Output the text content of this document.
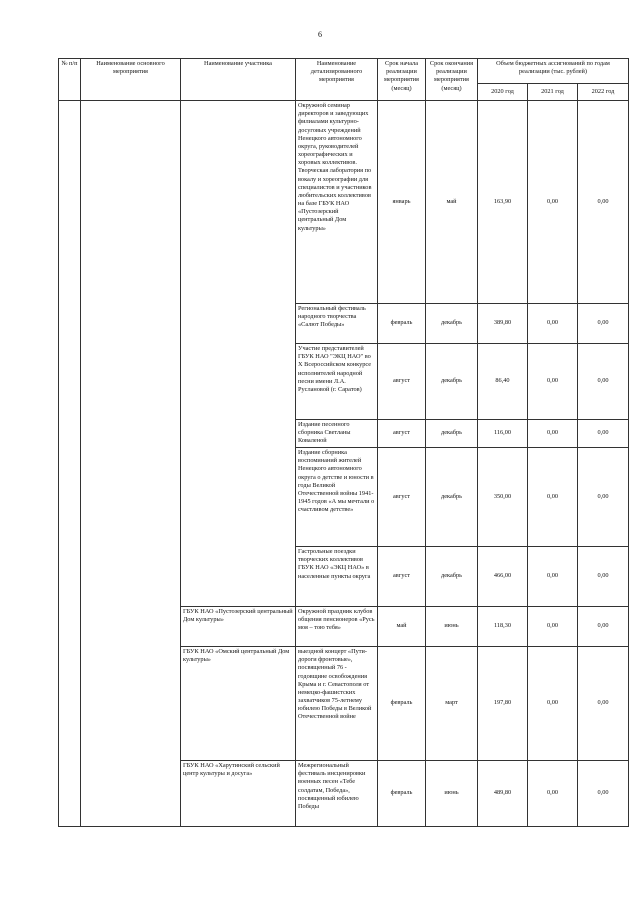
6
№ п/п	Наименование основного мероприятия	Наименование участника	Наименование детализированного мероприятия	Срок начала реализации мероприятия (месяц)	Срок окончания реализации мероприятия (месяц)	Объем бюджетных ассигнований по годам реализации (тыс. рублей)		
						2020 год	2021 год	2022 год
			Окружной семинар директоров и заведующих филиалами культурно-досуговых учреждений Ненецкого автономного округа, руководителей хореографических и хоровых коллективов. Творческая лаборатория по вокалу и хореографии для специалистов и участников любительских коллективов на базе ГБУК НАО «Пустозерский центральный Дом культуры»	январь	май	163,90	0,00	0,00
			Региональный фестиваль народного творчества «Салют Победы»	февраль	декабрь	389,80	0,00	0,00
			Участие представителей ГБУК НАО "ЭКЦ НАО" во Х Всероссийском конкурсе исполнителей народной песни имени Л.А. Руслановой (г. Саратов)	август	декабрь	86,40	0,00	0,00
			Издание песенного сборника Светланы Коваленой	август	декабрь	116,00	0,00	0,00
			Издание сборника воспоминаний жителей Ненецкого автономного округа о детстве и юности в годы Великой Отечественной войны 1941-1945 годов «А мы мечтали о счастливом детстве»	август	декабрь	350,00	0,00	0,00
			Гастрольные поездки творческих коллективов ГБУК НАО «ЭКЦ НАО» в населенные пункты округа	август	декабрь	466,00	0,00	0,00
		ГБУК НАО «Пустозерский центральный Дом культуры»	Окружной праздник клубов общения пенсионеров «Русь моя – тою тебя»	май	июнь	118,30	0,00	0,00
		ГБУК НАО «Омский центральный Дом культуры»	выездной концерт «Пути-дороги фронтовые», посвященный 76 - годовщине освобождения Крыма и г. Севастополя от немецко-фашистских захватчиков 75-летнему юбилею Победы в Великой Отечественной войне	февраль	март	197,80	0,00	0,00
		ГБУК НАО «Харутинский сельский центр культуры и досуга»	Межрегиональный фестиваль инсценировки военных песен «Тебе солдатам, Победа», посвященный юбилею Победы	февраль	июнь	489,80	0,00	0,00
